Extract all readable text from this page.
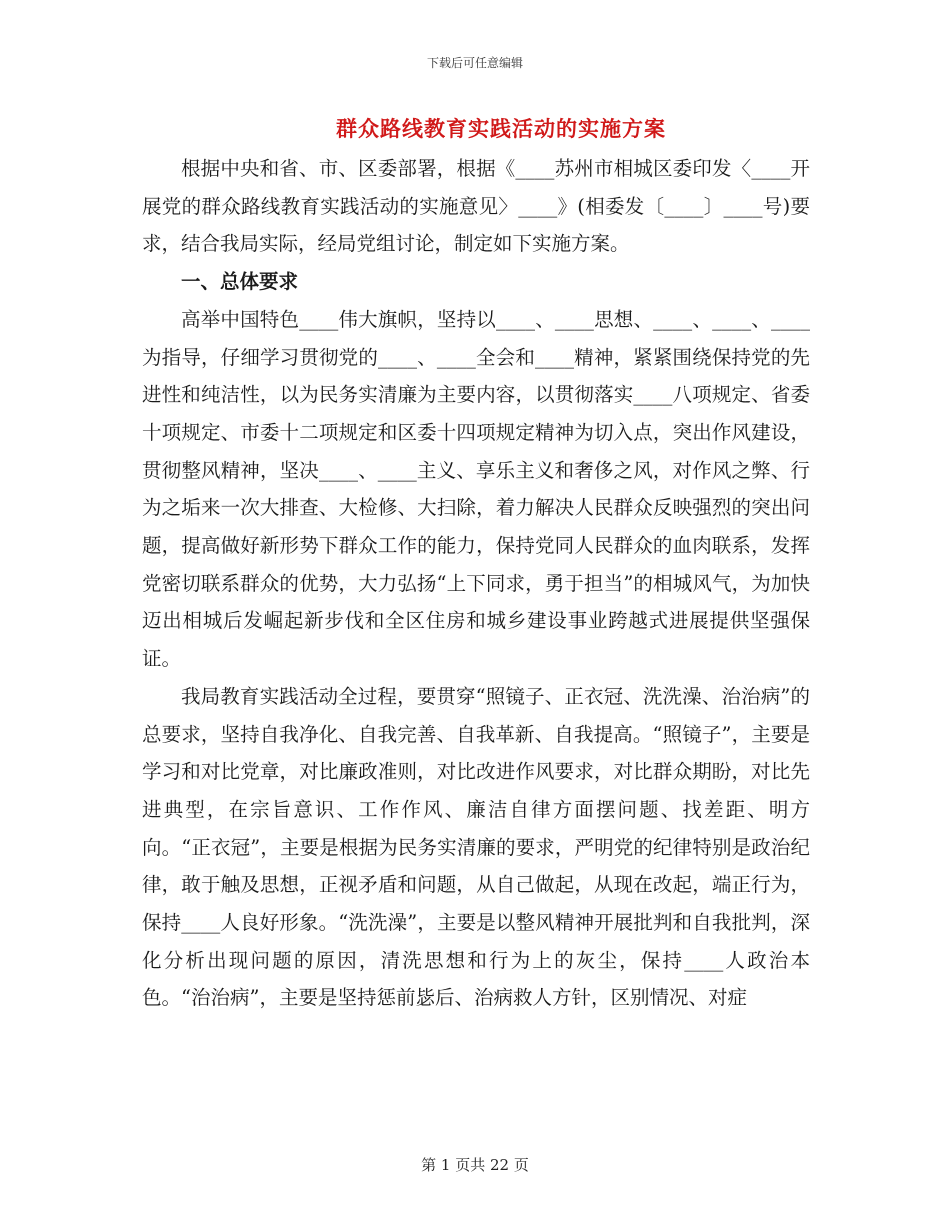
下载后可任意编辑
群众路线教育实践活动的实施方案

根据中央和省、市、区委部署，根据《____苏州市相城区委印发〈____开展党的群众路线教育实践活动的实施意见〉____》(相委发〔____〕____号)要求，结合我局实际，经局党组讨论，制定如下实施方案。

一、总体要求

高举中国特色____伟大旗帜，坚持以____、____思想、____、____、____为指导，仔细学习贯彻党的____、____全会和____精神，紧紧围绕保持党的先进性和纯洁性，以为民务实清廉为主要内容，以贯彻落实____八项规定、省委十项规定、市委十二项规定和区委十四项规定精神为切入点，突出作风建设，贯彻整风精神，坚决____、____主义、享乐主义和奢侈之风，对作风之弊、行为之垢来一次大排查、大检修、大扫除，着力解决人民群众反映强烈的突出问题，提高做好新形势下群众工作的能力，保持党同人民群众的血肉联系，发挥党密切联系群众的优势，大力弘扬“上下同求，勇于担当”的相城风气，为加快迈出相城后发崛起新步伐和全区住房和城乡建设事业跨越式进展提供坚强保证。

我局教育实践活动全过程，要贯穿“照镜子、正衣冠、洗洗澡、治治病”的总要求，坚持自我净化、自我完善、自我革新、自我提高。“照镜子”，主要是学习和对比党章，对比廉政准则，对比改进作风要求，对比群众期盼，对比先进典型，在宗旨意识、工作作风、廉洁自律方面摆问题、找差距、明方向。“正衣冠”，主要是根据为民务实清廉的要求，严明党的纪律特别是政治纪律，敢于触及思想，正视矛盾和问题，从自己做起，从现在改起，端正行为，保持____人良好形象。“洗洗澡”，主要是以整风精神开展批判和自我批判，深化分析出现问题的原因，清洗思想和行为上的灰尘，保持____人政治本色。“治治病”，主要是坚持惩前毖后、治病救人方针，区别情况、对症

第 1 页共 22 页
